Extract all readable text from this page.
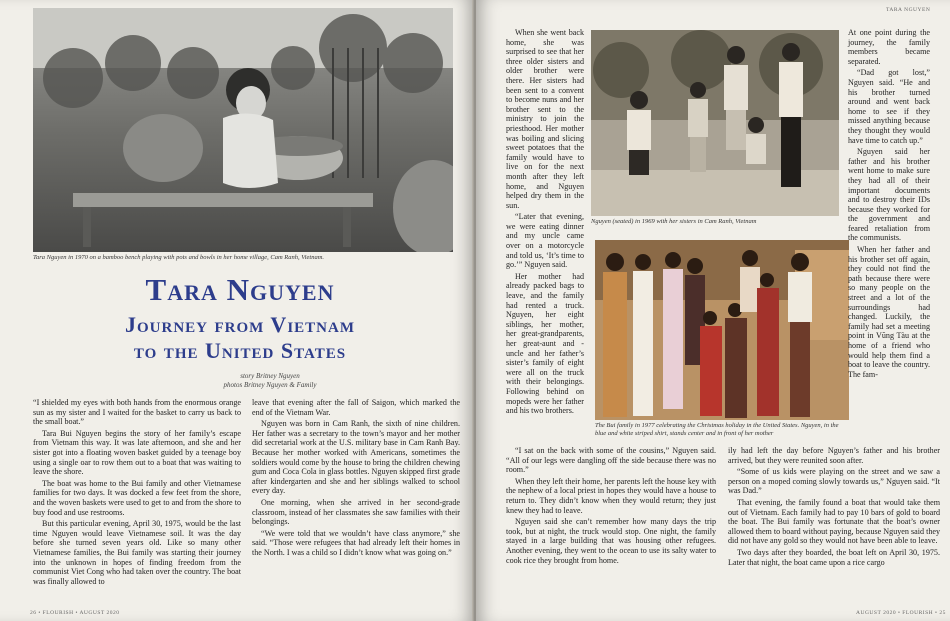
Tara Nguyen in 1970 on a bamboo bench playing with pots and bowls in her home village, Cam Ranh, Vietnam.
Tara Nguyen
Journey from Vietnam
to the United States
story Britney Nguyen
photos Britney Nguyen & Family

“I shielded my eyes with both hands from the enormous orange sun as my sister and I waited for the basket to carry us back to the small boat.”

Tara Bui Nguyen begins the story of her family’s escape from Vietnam this way. It was late afternoon, and she and her sister got into a floating woven basket guided by a teenage boy using a single oar to row them out to a boat that was waiting to leave the shore.

The boat was home to the Bui family and other Vietnamese families for two days. It was docked a few feet from the shore, and the woven baskets were used to get to and from the shore to buy food and use restrooms.

But this particular evening, April 30, 1975, would be the last time Nguyen would leave Vietnamese soil. It was the day before she turned seven years old. Like so many other Vietnamese families, the Bui family was starting their journey into the unknown in hopes of finding freedom from the communist Viet Cong who had taken over the country. The boat was finally allowed to

leave that evening after the fall of Saigon, which marked the end of the Vietnam War.

Nguyen was born in Cam Ranh, the sixth of nine children. Her father was a secretary to the town’s mayor and her mother did secretarial work at the U.S. military base in Cam Ranh Bay. Because her mother worked with Americans, sometimes the soldiers would come by the house to bring the children chewing gum and Coca Cola in glass bottles. Nguyen skipped first grade after kindergarten and she and her siblings walked to school every day.

One morning, when she arrived in her second-grade classroom, instead of her classmates she saw families with their belongings.

“We were told that we wouldn’t have class anymore,” she said. “Those were refugees that had already left their homes in the North. I was a child so I didn’t know what was going on.”

26 • FLOURISH • AUGUST 2020
TARA NGUYEN

When she went back home, she was surprised to see that her three older sisters and older brother were there. Her sisters had been sent to a convent to become nuns and her brother sent to the ministry to join the priesthood. Her mother was boiling and slicing sweet potatoes that the family would have to live on for the next month after they left home, and Nguyen helped dry them in the sun.

“Later that evening, we were eating dinner and my uncle came over on a motorcycle and told us, ‘It’s time to go.’” Nguyen said.

Her mother had already packed bags to leave, and the family had rented a truck. Nguyen, her eight siblings, her mother, her great-grandparents, her great-aunt and -uncle and her father’s sister’s family of eight were all on the truck with their belongings. Following behind on mopeds were her father and his two brothers.

Nguyen (seated) in 1969 with her sisters in Cam Ranh, Vietnam
The Bui family in 1977 celebrating the Christmas holiday in the United States. Nguyen, in the blue and white striped shirt, stands center and in front of her mother

At one point during the journey, the family members became separated.

“Dad got lost,” Nguyen said. “He and his brother turned around and went back home to see if they missed anything because they thought they would have time to catch up.”

Nguyen said her father and his brother went home to make sure they had all of their important documents and to destroy their IDs because they worked for the government and feared retaliation from the communists.

When her father and his brother set off again, they could not find the path because there were so many people on the street and a lot of the surroundings had changed. Luckily, the family had set a meeting point in Vũng Tàu at the home of a friend who would help them find a boat to leave the country. The fam-

“I sat on the back with some of the cousins,” Nguyen said. “All of our legs were dangling off the side because there was no room.”

When they left their home, her parents left the house key with the nephew of a local priest in hopes they would have a house to return to. They didn’t know when they would return; they just knew they had to leave.

Nguyen said she can’t remember how many days the trip took, but at night, the truck would stop. One night, the family stayed in a large building that was housing other refugees. Another evening, they went to the ocean to use its salty water to cook rice they brought from home.

ily had left the day before Nguyen’s father and his brother arrived, but they were reunited soon after.

“Some of us kids were playing on the street and we saw a person on a moped coming slowly towards us,” Nguyen said. “It was Dad.”

That evening, the family found a boat that would take them out of Vietnam. Each family had to pay 10 bars of gold to board the boat. The Bui family was fortunate that the boat’s owner allowed them to board without paying, because Nguyen said they did not have any gold so they would not have been able to leave.

Two days after they boarded, the boat left on April 30, 1975. Later that night, the boat came upon a rice cargo

AUGUST 2020 • FLOURISH • 25
